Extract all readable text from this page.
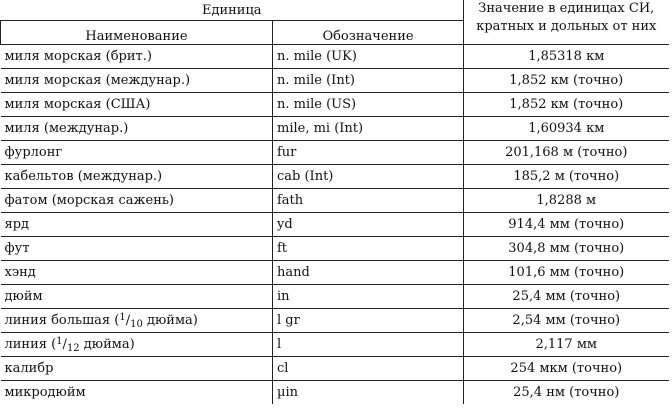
Единица		Значение в единицах СИ,
кратных и дольных от них

Наименование	Обозначение	
миля морская (брит.)	n. mile (UK)	1,85318 км
миля морская (междунар.)	n. mile (Int)	1,852 км (точно)
миля морская (США)	n. mile (US)	1,852 км (точно)
миля (междунар.)	mile, mi (Int)	1,60934 км
фурлонг	fur	201,168 м (точно)
кабельтов (междунар.)	cab (Int)	185,2 м (точно)
фатом (морская сажень)	fath	1,8288 м
ярд	yd	914,4 мм (точно)
фут	ft	304,8 мм (точно)
хэнд	hand	101,6 мм (точно)
дюйм	in	25,4 мм (точно)
линия большая (1/10 дюйма)	l gr	2,54 мм (точно)
линия (1/12 дюйма)	l	2,117 мм
калибр	cl	254 мкм (точно)
микродюйм	µin	25,4 нм (точно)
